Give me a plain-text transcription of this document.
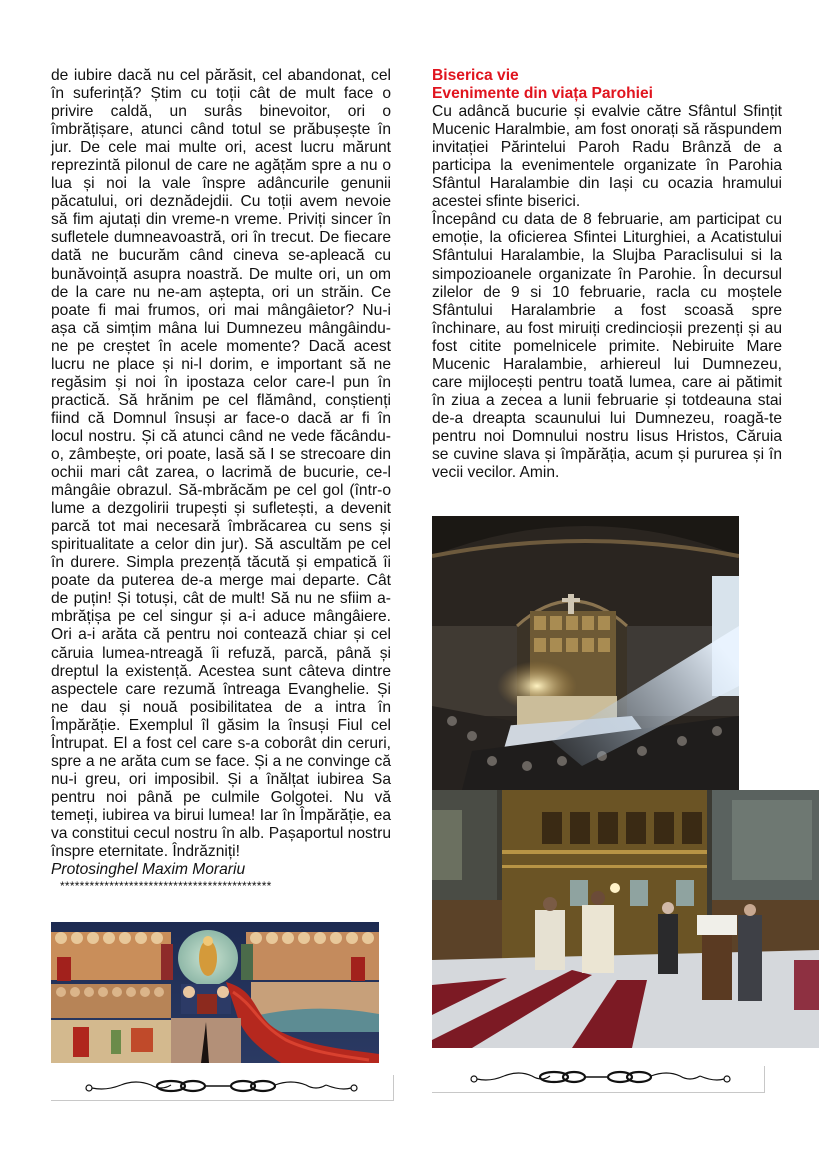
de iubire dacă nu cel părăsit, cel abandonat, cel în suferință? Știm cu toții cât de mult face o privire caldă, un surâs binevoitor, ori o îmbrățișare, atunci când totul se prăbușește în jur. De cele mai multe ori, acest lucru mărunt reprezintă pilonul de care ne agățăm spre a nu o lua și noi la vale înspre adâncurile genunii păcatului, ori deznădejdii. Cu toții avem nevoie să fim ajutați din vreme-n vreme. Priviți sincer în sufletele dumneavoastră, ori în trecut. De fiecare dată ne bucurăm când cineva se-apleacă cu bunăvoință asupra noastră. De multe ori, un om de la care nu ne-am aștepta, ori un străin. Ce poate fi mai frumos, ori mai mângâietor? Nu-i așa că simțim mâna lui Dumnezeu mângâindu-ne pe creștet în acele momente? Dacă acest lucru ne place și ni-l dorim, e important să ne regăsim și noi în ipostaza celor care-l pun în practică. Să hrănim pe cel flămând, conștienți fiind că Domnul însuși ar face-o dacă ar fi în locul nostru. Și că atunci când ne vede făcându-o, zâmbește, ori poate, lasă să I se strecoare din ochii mari cât zarea, o lacrimă de bucurie, ce-l mângâie obrazul. Să-mbrăcăm pe cel gol (într-o lume a dezgolirii trupești și sufletești, a devenit parcă tot mai necesară îmbrăcarea cu sens și spiritualitate a celor din jur). Să ascultăm pe cel în durere. Simpla prezență tăcută și empatică îi poate da puterea de-a merge mai departe. Cât de puțin! Și totuși, cât de mult! Să nu ne sfiim a-mbrățișa pe cel singur și a-i aduce mângâiere. Ori a-i arăta că pentru noi contează chiar și cel căruia lumea-ntreagă îi refuză, parcă, până și dreptul la existență. Acestea sunt câteva dintre aspectele care rezumă întreaga Evanghelie. Și ne dau și nouă posibilitatea de a intra în Împărăție. Exemplul îl găsim la însuși Fiul cel Întrupat. El a fost cel care s-a coborât din ceruri, spre a ne arăta cum se face. Și a ne convinge că nu-i greu, ori imposibil. Și a înălțat iubirea Sa pentru noi până pe culmile Golgotei. Nu vă temeți, iubirea va birui lumea! Iar în Împărăție, ea va constitui cecul nostru în alb. Pașaportul nostru înspre eternitate. Îndrăzniți!

Protosinghel Maxim Morariu

*******************************************

Biserica vie

Evenimente din viața Parohiei

Cu adâncă bucurie și evalvie către Sfântul Sfințit Mucenic Haralmbie, am fost onorați să răspundem invitației Părintelui Paroh Radu Brânză de a participa la evenimentele organizate în Parohia Sfântul Haralambie din Iași cu ocazia hramului acestei sfinte biserici.

Începând cu data de 8 februarie, am participat cu emoție, la oficierea Sfintei Liturghiei, a Acatistului Sfântului Haralambie, la Slujba Paraclisului si la simpozioanele organizate în Parohie. În decursul zilelor de 9 si 10 februarie, racla cu moștele Sfântului Haralambrie a fost scoasă spre închinare, au fost miruiți credincioșii prezenți și au fost citite pomelnicele primite. Nebiruite Mare Mucenic Haralambie, arhiereul lui Dumnezeu, care mijlocești pentru toată lumea, care ai pătimit în ziua a zecea a lunii februarie și totdeauna stai de-a dreapta scaunului lui Dumnezeu, roagă-te pentru noi Domnului nostru Iisus Hristos, Căruia se cuvine slava și împărăția, acum și pururea și în vecii vecilor. Amin.
